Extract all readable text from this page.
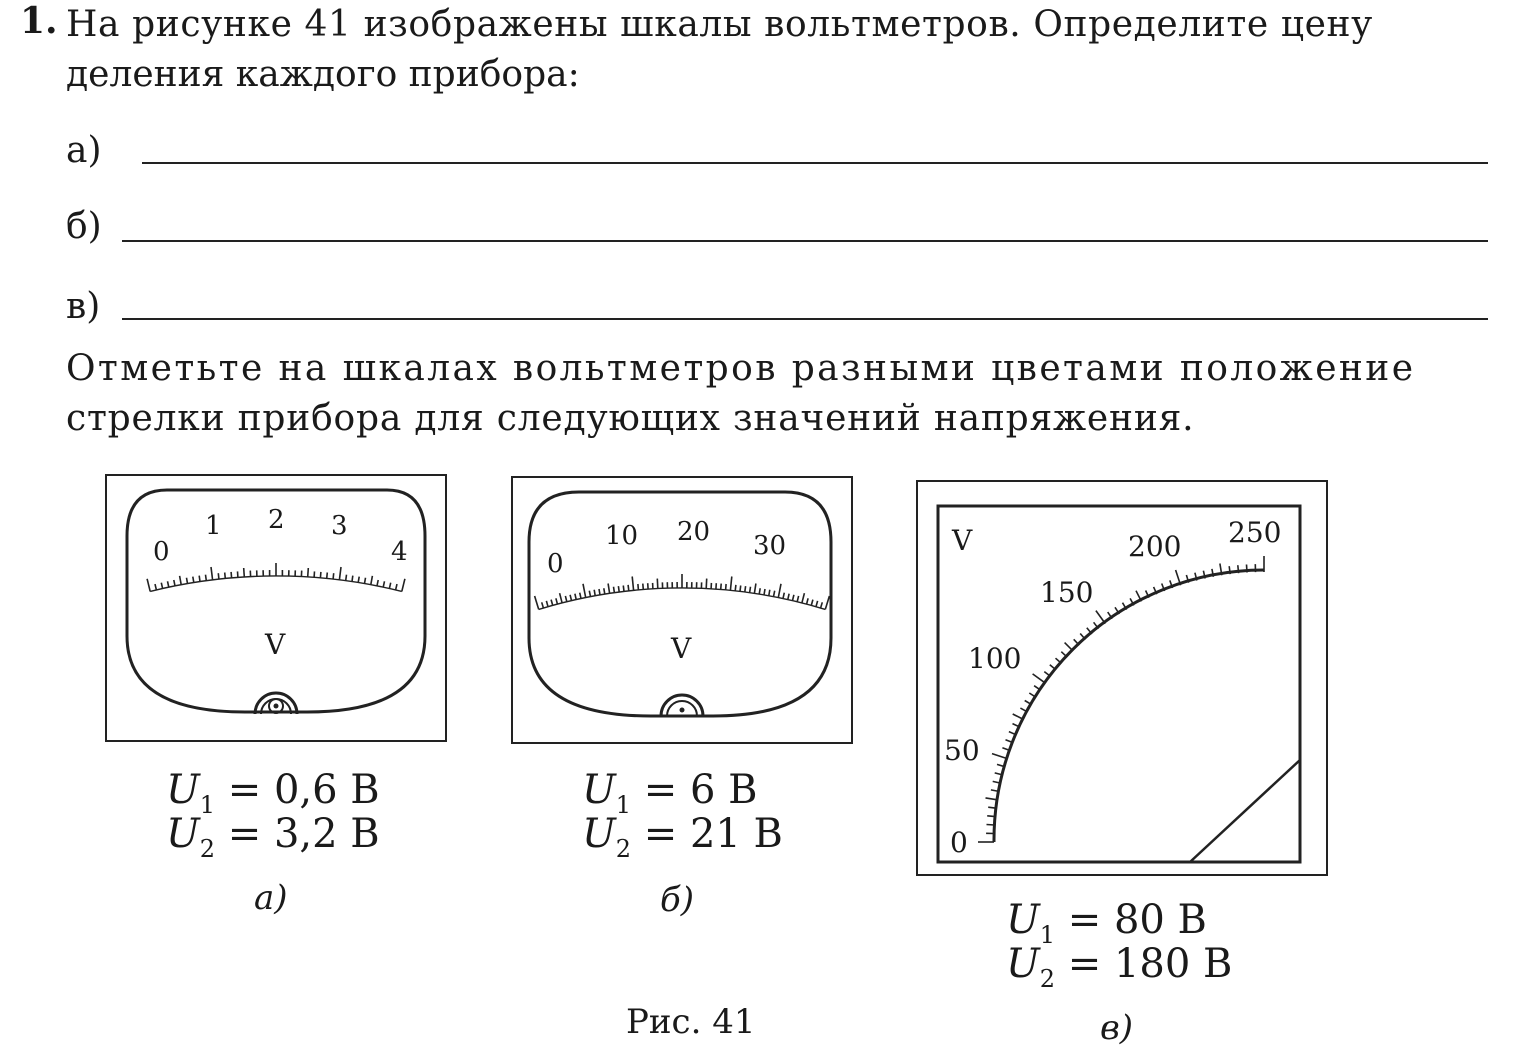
1. На рисунке 41 изображены шкалы вольтметров. Определите цену
деления каждого прибора:
а)
б)
в)
Отметьте на шкалах вольтметров разными цветами положение
стрелки прибора для следующих значений напряжения.
0
1 2 3
4
V
$U_1 = 0,6$ В
$U_2 = 3,2$ В
а)
0
10 20 30
V
$U_1 = 6$ В
$U_2 = 21$ В
б)
V
0
50
100
150
200 250
$U_1 = 80$ В
$U_2 = 180$ В
в)
Рис. 41
